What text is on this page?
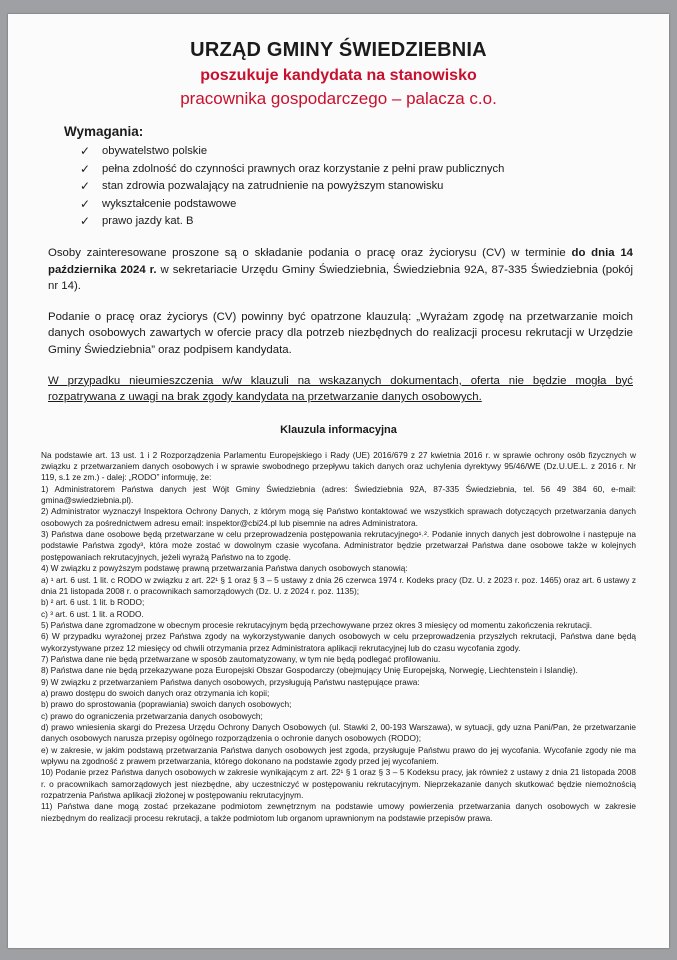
URZĄD GMINY ŚWIEDZIEBNIA
poszukuje kandydata na stanowisko
pracownika gospodarczego – palacza c.o.
Wymagania:
✓	obywatelstwo polskie
✓	pełna zdolność do czynności prawnych oraz korzystanie z pełni praw publicznych
✓	stan zdrowia pozwalający na zatrudnienie na powyższym stanowisku
✓	wykształcenie podstawowe
✓	prawo jazdy kat. B
Osoby zainteresowane proszone są o składanie podania o pracę oraz życiorysu (CV) w terminie do dnia 14 października 2024 r. w sekretariacie Urzędu Gminy Świedziebnia, Świedziebnia 92A, 87-335 Świedziebnia (pokój nr 14).
Podanie o pracę oraz życiorys (CV) powinny być opatrzone klauzulą: „Wyrażam zgodę na przetwarzanie moich danych osobowych zawartych w ofercie pracy dla potrzeb niezbędnych do realizacji procesu rekrutacji w Urzędzie Gminy Świedziebnia” oraz podpisem kandydata.
W przypadku nieumieszczenia w/w klauzuli na wskazanych dokumentach, oferta nie będzie mogła być rozpatrywana z uwagi na brak zgody kandydata na przetwarzanie danych osobowych.
Klauzula informacyjna

Na podstawie art. 13 ust. 1 i 2 Rozporządzenia Parlamentu Europejskiego i Rady (UE) 2016/679 z 27 kwietnia 2016 r. w sprawie ochrony osób fizycznych w związku z przetwarzaniem danych osobowych i w sprawie swobodnego przepływu takich danych oraz uchylenia dyrektywy 95/46/WE (Dz.U.UE.L. z 2016 r. Nr 119, s.1 ze zm.) - dalej: „RODO” informuję, że:

1) Administratorem Państwa danych jest Wójt Gminy Świedziebnia (adres: Świedziebnia 92A, 87-335 Świedziebnia, tel. 56 49 384 60, e-mail: gmina@swiedziebnia.pl).

2) Administrator wyznaczył Inspektora Ochrony Danych, z którym mogą się Państwo kontaktować we wszystkich sprawach dotyczących przetwarzania danych osobowych za pośrednictwem adresu email: inspektor@cbi24.pl lub pisemnie na adres Administratora.

3) Państwa dane osobowe będą przetwarzane w celu przeprowadzenia postępowania rekrutacyjnego¹˒². Podanie innych danych jest dobrowolne i następuje na podstawie Państwa zgody³, która może zostać w dowolnym czasie wycofana. Administrator będzie przetwarzał Państwa dane osobowe także w kolejnych postępowaniach rekrutacyjnych, jeżeli wyrażą Państwo na to zgodę.

4) W związku z powyższym podstawę prawną przetwarzania Państwa danych osobowych stanowią:

a) ¹ art. 6 ust. 1 lit. c RODO w związku z art. 22¹ § 1 oraz § 3 – 5 ustawy z dnia 26 czerwca 1974 r. Kodeks pracy (Dz. U. z 2023 r. poz. 1465) oraz art. 6 ustawy z dnia 21 listopada 2008 r. o pracownikach samorządowych (Dz. U. z 2024 r. poz. 1135);

b) ² art. 6 ust. 1 lit. b RODO;

c) ³ art. 6 ust. 1 lit. a RODO.

5) Państwa dane zgromadzone w obecnym procesie rekrutacyjnym będą przechowywane przez okres 3 miesięcy od momentu zakończenia rekrutacji.

6) W przypadku wyrażonej przez Państwa zgody na wykorzystywanie danych osobowych w celu przeprowadzenia przyszłych rekrutacji, Państwa dane będą wykorzystywane przez 12 miesięcy od chwili otrzymania przez Administratora aplikacji rekrutacyjnej lub do czasu wycofania zgody.

7) Państwa dane nie będą przetwarzane w sposób zautomatyzowany, w tym nie będą podlegać profilowaniu.

8) Państwa dane nie będą przekazywane poza Europejski Obszar Gospodarczy (obejmujący Unię Europejską, Norwegię, Liechtenstein i Islandię).

9) W związku z przetwarzaniem Państwa danych osobowych, przysługują Państwu następujące prawa:

a) prawo dostępu do swoich danych oraz otrzymania ich kopii;

b) prawo do sprostowania (poprawiania) swoich danych osobowych;

c) prawo do ograniczenia przetwarzania danych osobowych;

d) prawo wniesienia skargi do Prezesa Urzędu Ochrony Danych Osobowych (ul. Stawki 2, 00-193 Warszawa), w sytuacji, gdy uzna Pani/Pan, że przetwarzanie danych osobowych narusza przepisy ogólnego rozporządzenia o ochronie danych osobowych (RODO);

e) w zakresie, w jakim podstawą przetwarzania Państwa danych osobowych jest zgoda, przysługuje Państwu prawo do jej wycofania. Wycofanie zgody nie ma wpływu na zgodność z prawem przetwarzania, którego dokonano na podstawie zgody przed jej wycofaniem.

10) Podanie przez Państwa danych osobowych w zakresie wynikającym z art. 22¹ § 1 oraz § 3 – 5 Kodeksu pracy, jak również z ustawy z dnia 21 listopada 2008 r. o pracownikach samorządowych jest niezbędne, aby uczestniczyć w postępowaniu rekrutacyjnym. Nieprzekazanie danych skutkować będzie niemożnością rozpatrzenia Państwa aplikacji złożonej w postępowaniu rekrutacyjnym.

11) Państwa dane mogą zostać przekazane podmiotom zewnętrznym na podstawie umowy powierzenia przetwarzania danych osobowych w zakresie niezbędnym do realizacji procesu rekrutacji, a także podmiotom lub organom uprawnionym na podstawie przepisów prawa.
